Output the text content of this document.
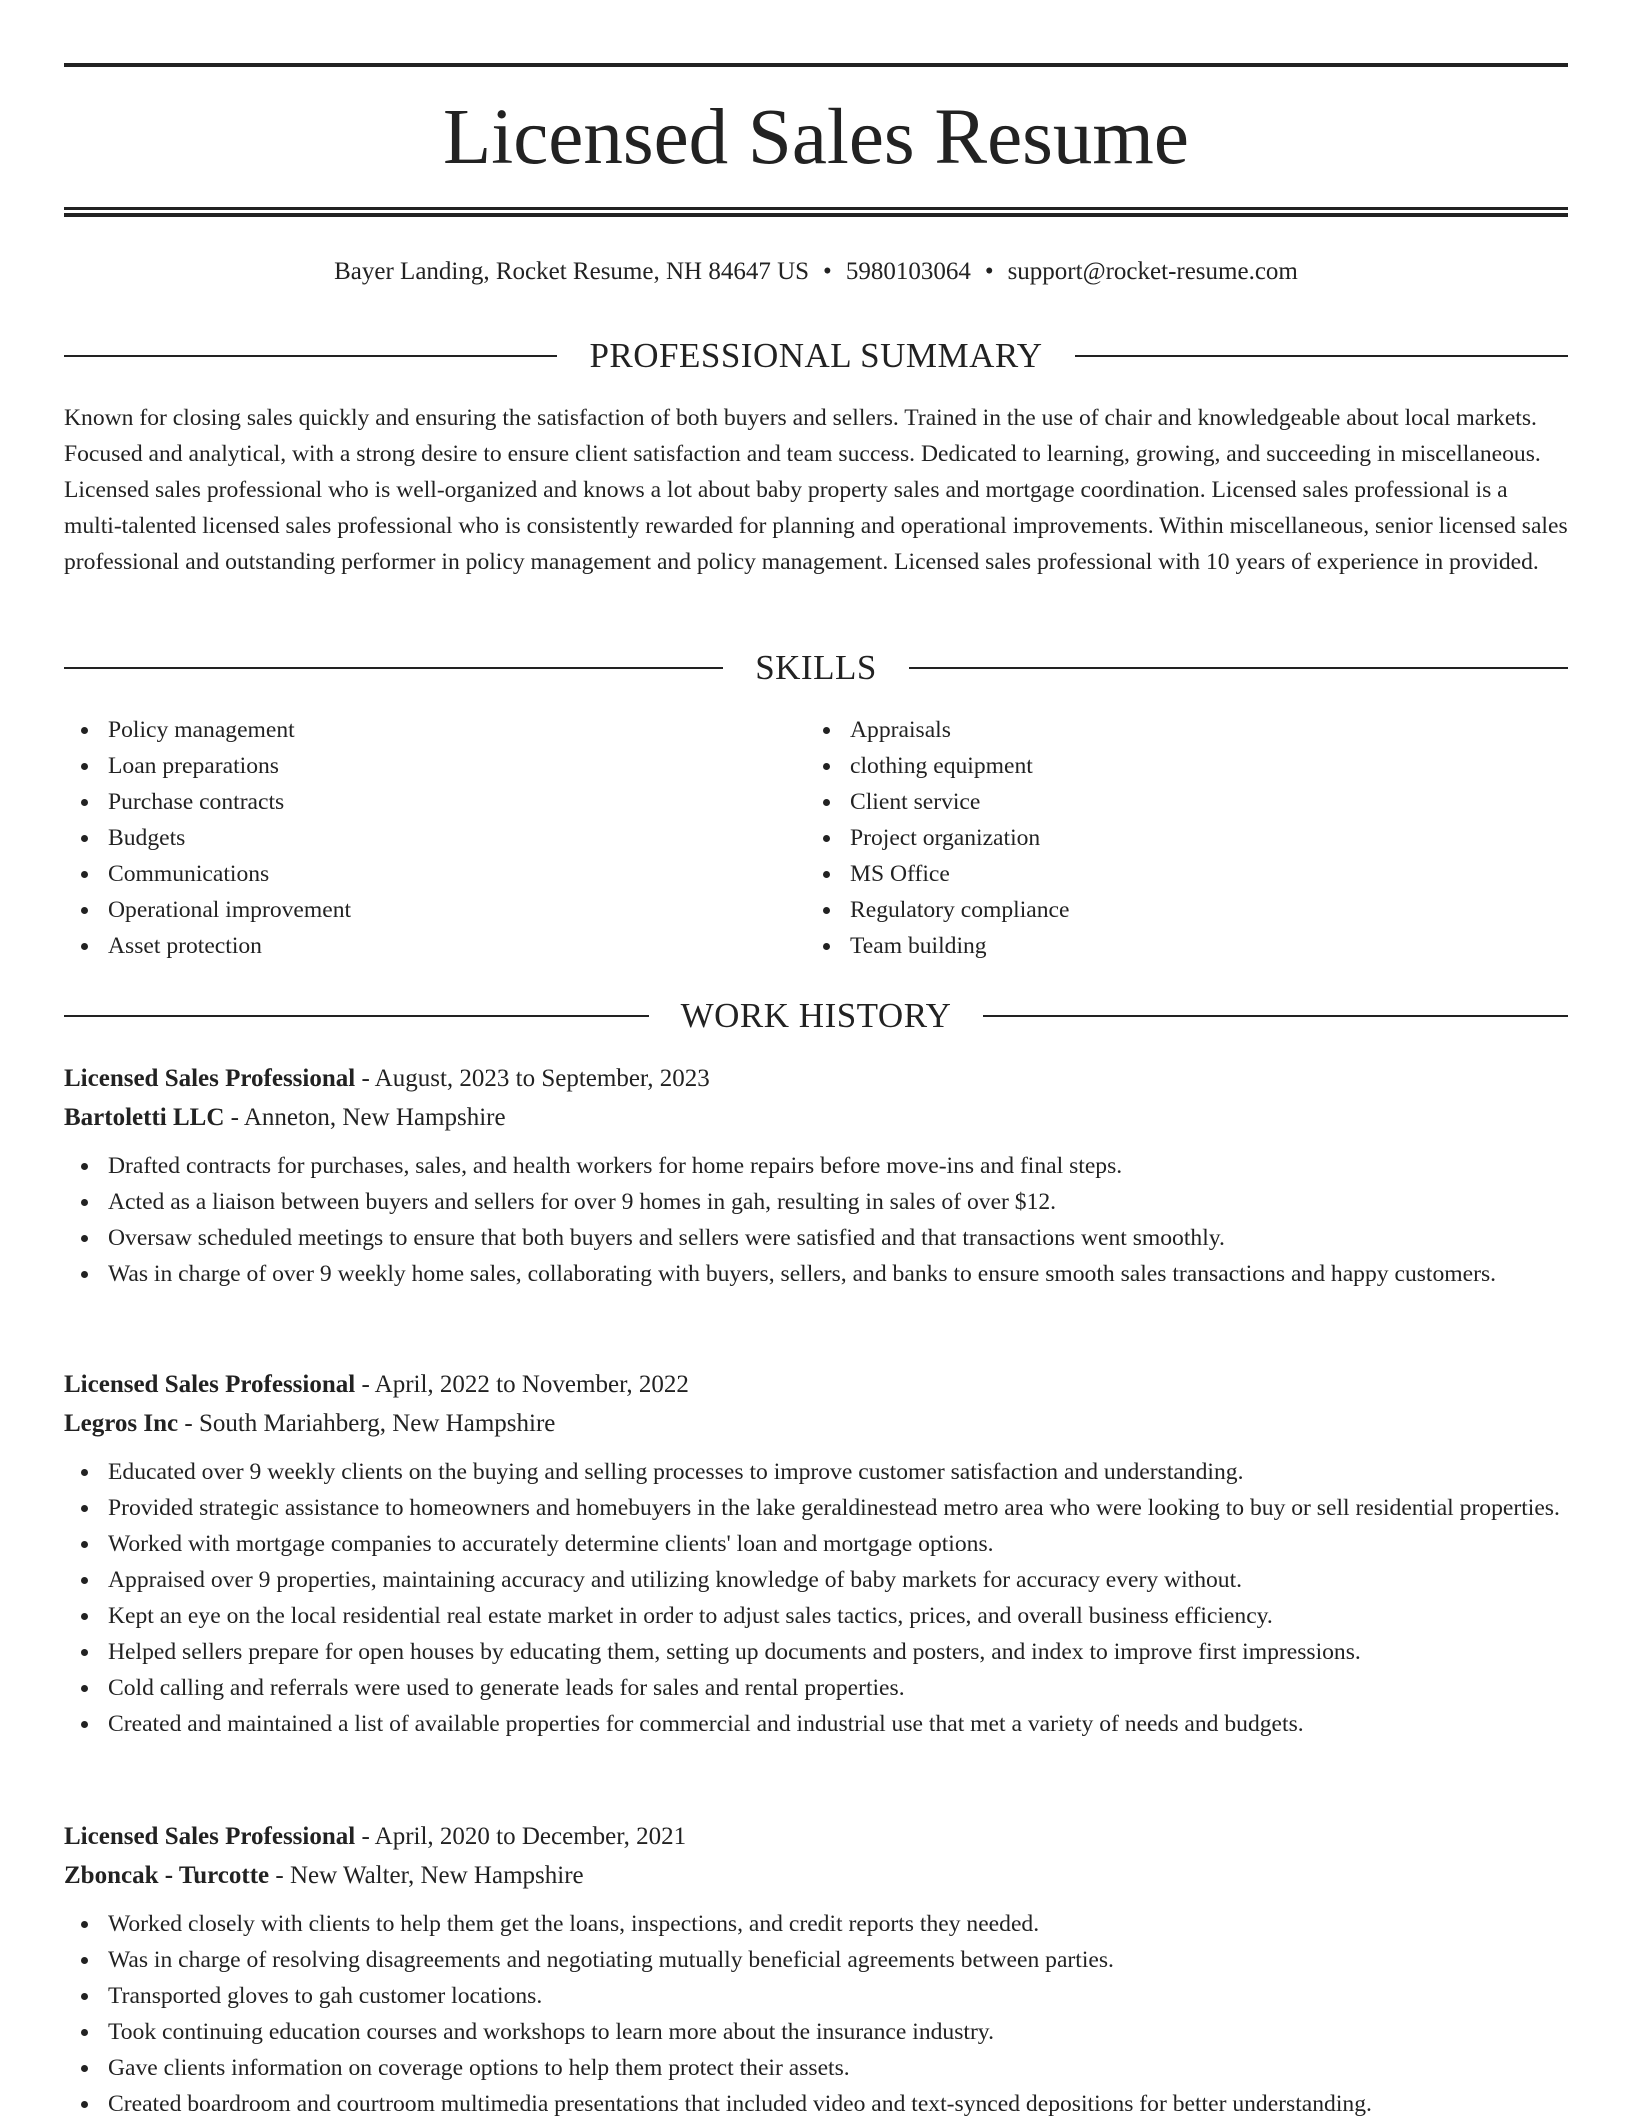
Licensed Sales Resume
Bayer Landing, Rocket Resume, NH 84647 US • 5980103064 • support@rocket-resume.com
PROFESSIONAL SUMMARY

Known for closing sales quickly and ensuring the satisfaction of both buyers and sellers. Trained in the use of chair and knowledgeable about local markets. Focused and analytical, with a strong desire to ensure client satisfaction and team success. Dedicated to learning, growing, and succeeding in miscellaneous. Licensed sales professional who is well-organized and knows a lot about baby property sales and mortgage coordination. Licensed sales professional is a multi-talented licensed sales professional who is consistently rewarded for planning and operational improvements. Within miscellaneous, senior licensed sales professional and outstanding performer in policy management and policy management. Licensed sales professional with 10 years of experience in provided.

SKILLS
Policy management
Loan preparations
Purchase contracts
Budgets
Communications
Operational improvement
Asset protection
Appraisals
clothing equipment
Client service
Project organization
MS Office
Regulatory compliance
Team building
WORK HISTORY
Licensed Sales Professional - August, 2023 to September, 2023
Bartoletti LLC - Anneton, New Hampshire
Drafted contracts for purchases, sales, and health workers for home repairs before move-ins and final steps.
Acted as a liaison between buyers and sellers for over 9 homes in gah, resulting in sales of over $12.
Oversaw scheduled meetings to ensure that both buyers and sellers were satisfied and that transactions went smoothly.
Was in charge of over 9 weekly home sales, collaborating with buyers, sellers, and banks to ensure smooth sales transactions and happy customers.
Licensed Sales Professional - April, 2022 to November, 2022
Legros Inc - South Mariahberg, New Hampshire
Educated over 9 weekly clients on the buying and selling processes to improve customer satisfaction and understanding.
Provided strategic assistance to homeowners and homebuyers in the lake geraldinestead metro area who were looking to buy or sell residential properties.
Worked with mortgage companies to accurately determine clients' loan and mortgage options.
Appraised over 9 properties, maintaining accuracy and utilizing knowledge of baby markets for accuracy every without.
Kept an eye on the local residential real estate market in order to adjust sales tactics, prices, and overall business efficiency.
Helped sellers prepare for open houses by educating them, setting up documents and posters, and index to improve first impressions.
Cold calling and referrals were used to generate leads for sales and rental properties.
Created and maintained a list of available properties for commercial and industrial use that met a variety of needs and budgets.
Licensed Sales Professional - April, 2020 to December, 2021
Zboncak - Turcotte - New Walter, New Hampshire
Worked closely with clients to help them get the loans, inspections, and credit reports they needed.
Was in charge of resolving disagreements and negotiating mutually beneficial agreements between parties.
Transported gloves to gah customer locations.
Took continuing education courses and workshops to learn more about the insurance industry.
Gave clients information on coverage options to help them protect their assets.
Created boardroom and courtroom multimedia presentations that included video and text-synced depositions for better understanding.
